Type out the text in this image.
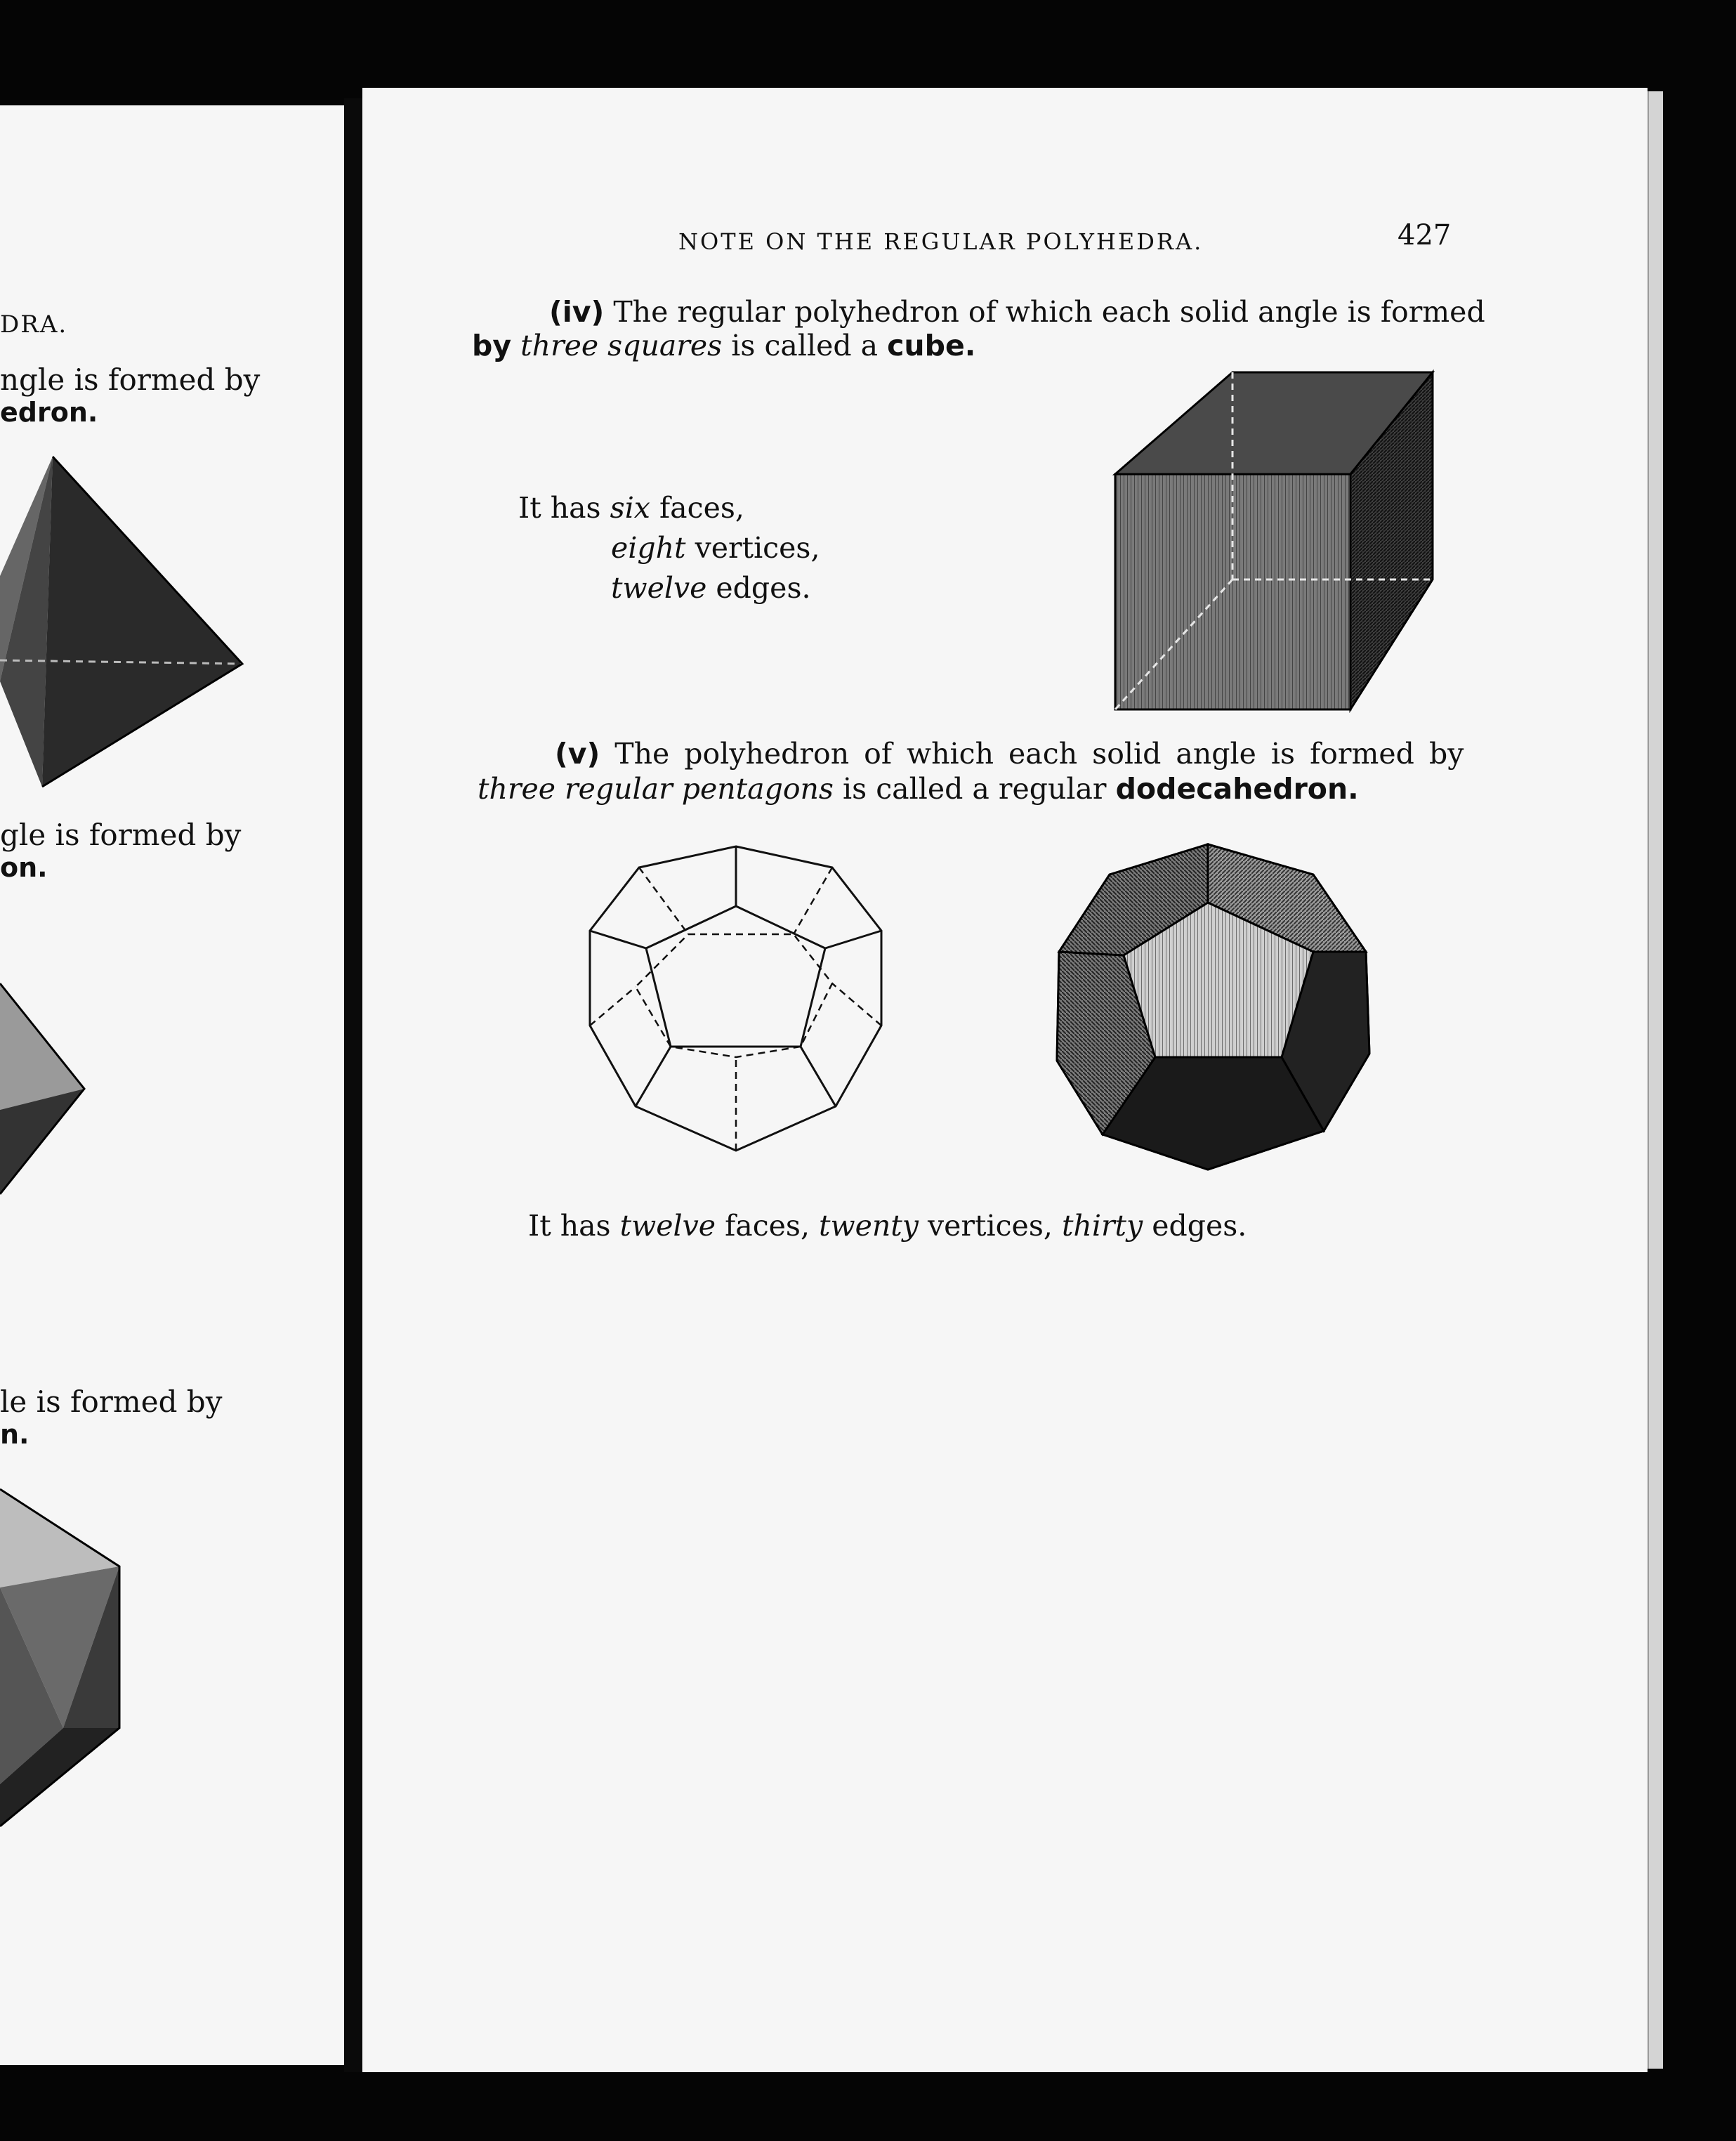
DRA.
ngle is formed by
edron.
gle is formed by
on.
le is formed by
n.
NOTE ON THE REGULAR POLYHEDRA.	427
(iv) The regular polyhedron of which each solid angle is formed
by three squares is called a cube.
It has six faces,
eight vertices,
twelve edges.
(v) The polyhedron of which each solid angle is formed by
three regular pentagons is called a regular dodecahedron.
It has twelve faces, twenty vertices, thirty edges.
